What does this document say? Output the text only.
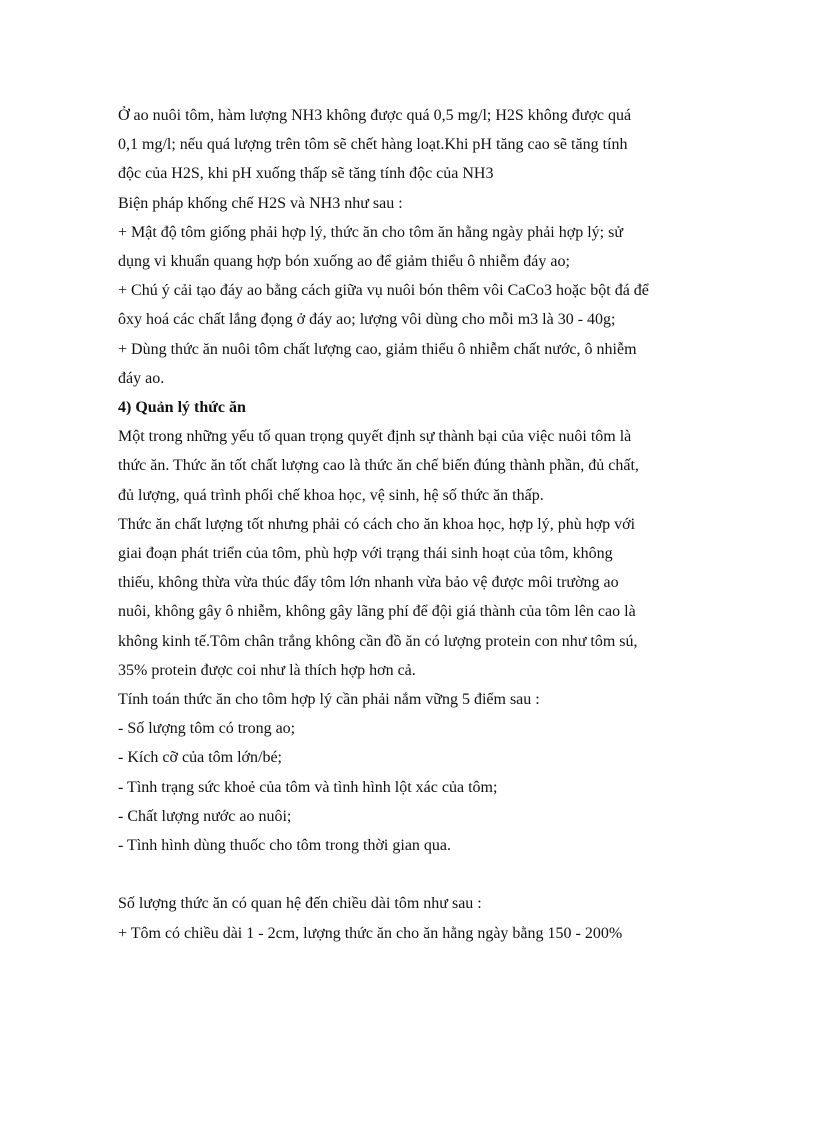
Ở ao nuôi tôm, hàm lượng NH3 không được quá 0,5 mg/l; H2S không được quá

0,1 mg/l; nếu quá lượng trên tôm sẽ chết hàng loạt.Khi pH tăng cao sẽ tăng tính

độc của H2S, khi pH xuống thấp sẽ tăng tính độc của NH3

Biện pháp khống chế H2S và NH3 như sau :

+ Mật độ tôm giống phải hợp lý, thức ăn cho tôm ăn hằng ngày phải hợp lý; sử

dụng vi khuẩn quang hợp bón xuống ao để giảm thiểu ô nhiễm đáy ao;

+ Chú ý cải tạo đáy ao bằng cách giữa vụ nuôi bón thêm vôi CaCo3 hoặc bột đá để

ôxy hoá các chất lắng đọng ở đáy ao; lượng vôi dùng cho mỗi m3 là 30 - 40g;

+ Dùng thức ăn nuôi tôm chất lượng cao, giảm thiểu ô nhiễm chất nước, ô nhiễm

đáy ao.

4) Quản lý thức ăn

Một trong những yếu tố quan trọng quyết định sự thành bại của việc nuôi tôm là

thức ăn. Thức ăn tốt chất lượng cao là thức ăn chế biến đúng thành phần, đủ chất,

đủ lượng, quá trình phối chế khoa học, vệ sinh, hệ số thức ăn thấp.

Thức ăn chất lượng tốt nhưng phải có cách cho ăn khoa học, hợp lý, phù hợp với

giai đoạn phát triển của tôm, phù hợp với trạng thái sinh hoạt của tôm, không

thiếu, không thừa vừa thúc đẩy tôm lớn nhanh vừa bảo vệ được môi trường ao

nuôi, không gây ô nhiễm, không gây lãng phí để đội giá thành của tôm lên cao là

không kinh tế.Tôm chân trắng không cần đồ ăn có lượng protein con như tôm sú,

35% protein được coi như là thích hợp hơn cả.

Tính toán thức ăn cho tôm hợp lý cần phải nắm vững 5 điểm sau :

- Số lượng tôm có trong ao;

- Kích cỡ của tôm lớn/bé;

- Tình trạng sức khoẻ của tôm và tình hình lột xác của tôm;

- Chất lượng nước ao nuôi;

- Tình hình dùng thuốc cho tôm trong thời gian qua.

Số lượng thức ăn có quan hệ đến chiều dài tôm như sau :

+ Tôm có chiều dài 1 - 2cm, lượng thức ăn cho ăn hằng ngày bằng 150 - 200%
